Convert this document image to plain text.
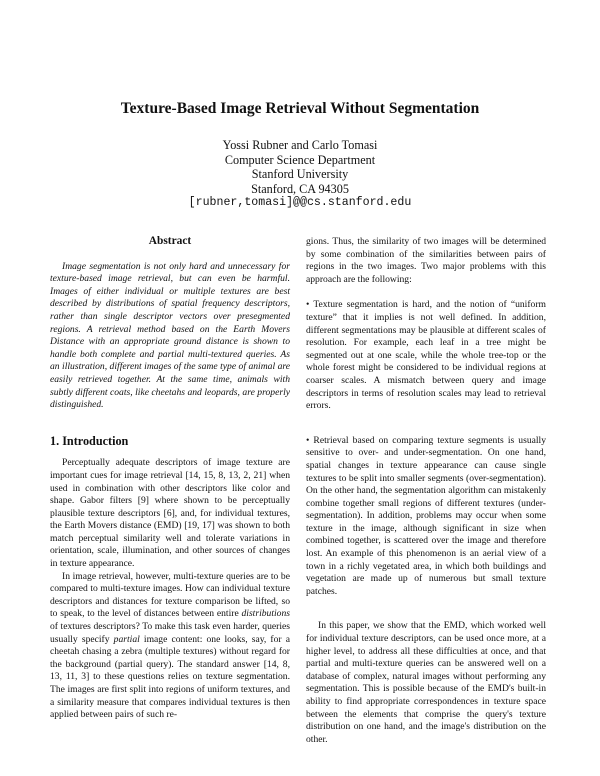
Texture-Based Image Retrieval Without Segmentation
Yossi Rubner and Carlo Tomasi
Computer Science Department
Stanford University
Stanford, CA 94305
[rubner,tomasi]@@cs.stanford.edu
Abstract

Image segmentation is not only hard and unnecessary for texture-based image retrieval, but can even be harmful. Images of either individual or multiple textures are best described by distributions of spatial frequency descriptors, rather than single descriptor vectors over presegmented regions. A retrieval method based on the Earth Movers Distance with an appropriate ground distance is shown to handle both complete and partial multi-textured queries. As an illustration, different images of the same type of animal are easily retrieved together. At the same time, animals with subtly different coats, like cheetahs and leopards, are properly distinguished.

1. Introduction

Perceptually adequate descriptors of image texture are important cues for image retrieval [14, 15, 8, 13, 2, 21] when used in combination with other descriptors like color and shape. Gabor filters [9] where shown to be perceptually plausible texture descriptors [6], and, for individual textures, the Earth Movers distance (EMD) [19, 17] was shown to both match perceptual similarity well and tolerate variations in orientation, scale, illumination, and other sources of changes in texture appearance.

In image retrieval, however, multi-texture queries are to be compared to multi-texture images. How can individual texture descriptors and distances for texture comparison be lifted, so to speak, to the level of distances between entire distributions of textures descriptors? To make this task even harder, queries usually specify partial image content: one looks, say, for a cheetah chasing a zebra (multiple textures) without regard for the background (partial query). The standard answer [14, 8, 13, 11, 3] to these questions relies on texture segmentation. The images are first split into regions of uniform textures, and a similarity measure that compares individual textures is then applied between pairs of such re-

gions. Thus, the similarity of two images will be determined by some combination of the similarities between pairs of regions in the two images. Two major problems with this approach are the following:

• Texture segmentation is hard, and the notion of “uniform texture” that it implies is not well defined. In addition, different segmentations may be plausible at different scales of resolution. For example, each leaf in a tree might be segmented out at one scale, while the whole tree-top or the whole forest might be considered to be individual regions at coarser scales. A mismatch between query and image descriptors in terms of resolution scales may lead to retrieval errors.

• Retrieval based on comparing texture segments is usually sensitive to over- and under-segmentation. On one hand, spatial changes in texture appearance can cause single textures to be split into smaller segments (over-segmentation). On the other hand, the segmentation algorithm can mistakenly combine together small regions of different textures (under-segmentation). In addition, problems may occur when some texture in the image, although significant in size when combined together, is scattered over the image and therefore lost. An example of this phenomenon is an aerial view of a town in a richly vegetated area, in which both buildings and vegetation are made up of numerous but small texture patches.

In this paper, we show that the EMD, which worked well for individual texture descriptors, can be used once more, at a higher level, to address all these difficulties at once, and that partial and multi-texture queries can be answered well on a database of complex, natural images without performing any segmentation. This is possible because of the EMD's built-in ability to find appropriate correspondences in texture space between the elements that comprise the query's texture distribution on one hand, and the image's distribution on the other.
